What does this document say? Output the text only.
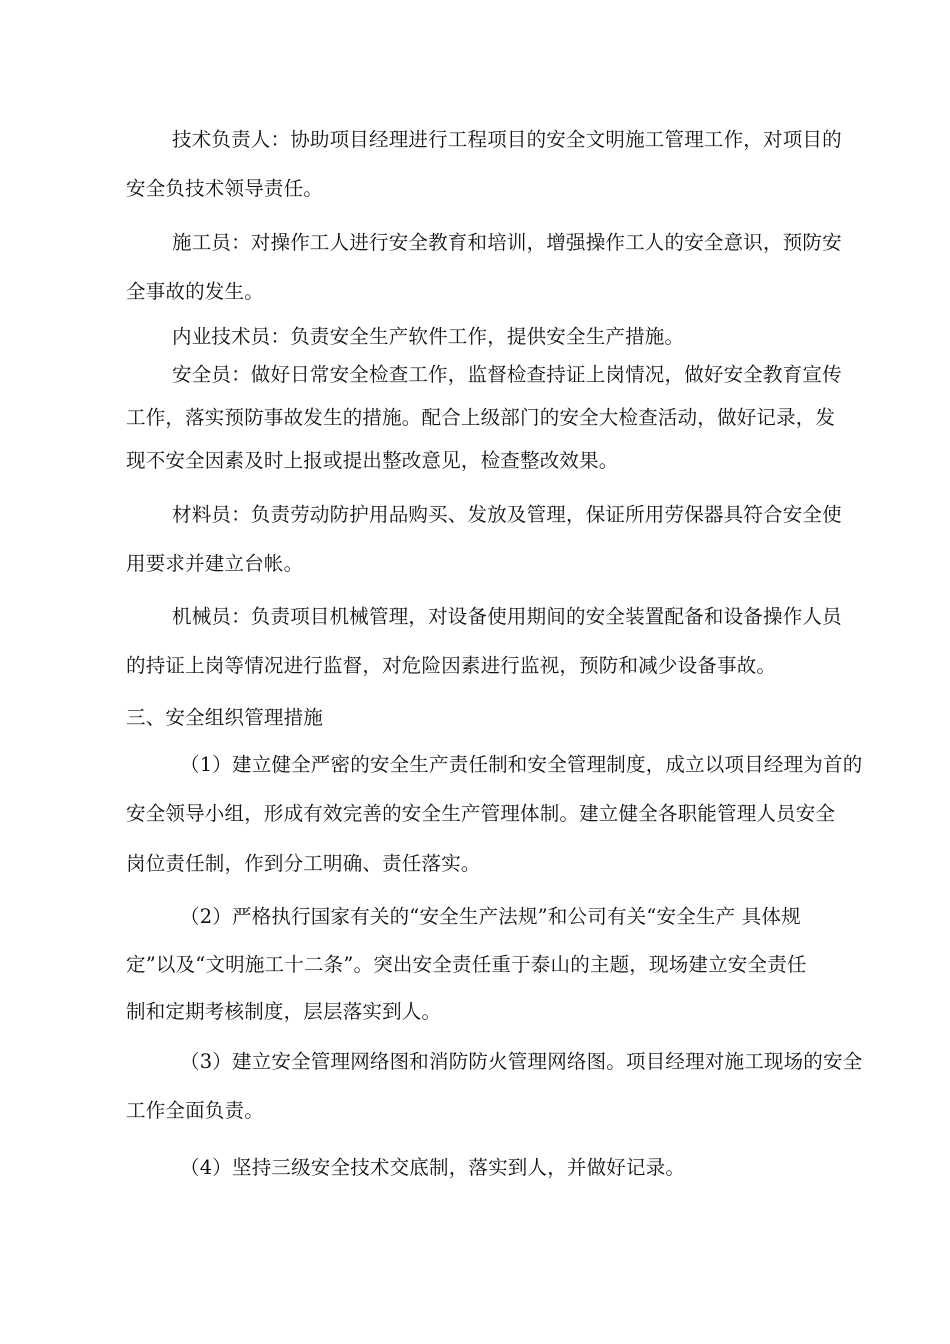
技术负责人：协助项目经理进行工程项目的安全文明施工管理工作，对项目的
安全负技术领导责任。
施工员：对操作工人进行安全教育和培训，增强操作工人的安全意识，预防安
全事故的发生。
内业技术员：负责安全生产软件工作，提供安全生产措施。
安全员：做好日常安全检查工作，监督检查持证上岗情况，做好安全教育宣传
工作，落实预防事故发生的措施。配合上级部门的安全大检查活动，做好记录，发
现不安全因素及时上报或提出整改意见，检查整改效果。
材料员：负责劳动防护用品购买、发放及管理，保证所用劳保器具符合安全使
用要求并建立台帐。
机械员：负责项目机械管理，对设备使用期间的安全装置配备和设备操作人员
的持证上岗等情况进行监督，对危险因素进行监视，预防和减少设备事故。
三、安全组织管理措施
（1）建立健全严密的安全生产责任制和安全管理制度，成立以项目经理为首的
安全领导小组，形成有效完善的安全生产管理体制。建立健全各职能管理人员安全
岗位责任制，作到分工明确、责任落实。
（2）严格执行国家有关的“安全生产法规”和公司有关“安全生产 具体规
定”以及“文明施工十二条”。突出安全责任重于泰山的主题，现场建立安全责任
制和定期考核制度，层层落实到人。
（3）建立安全管理网络图和消防防火管理网络图。项目经理对施工现场的安全
工作全面负责。
（4）坚持三级安全技术交底制，落实到人，并做好记录。
